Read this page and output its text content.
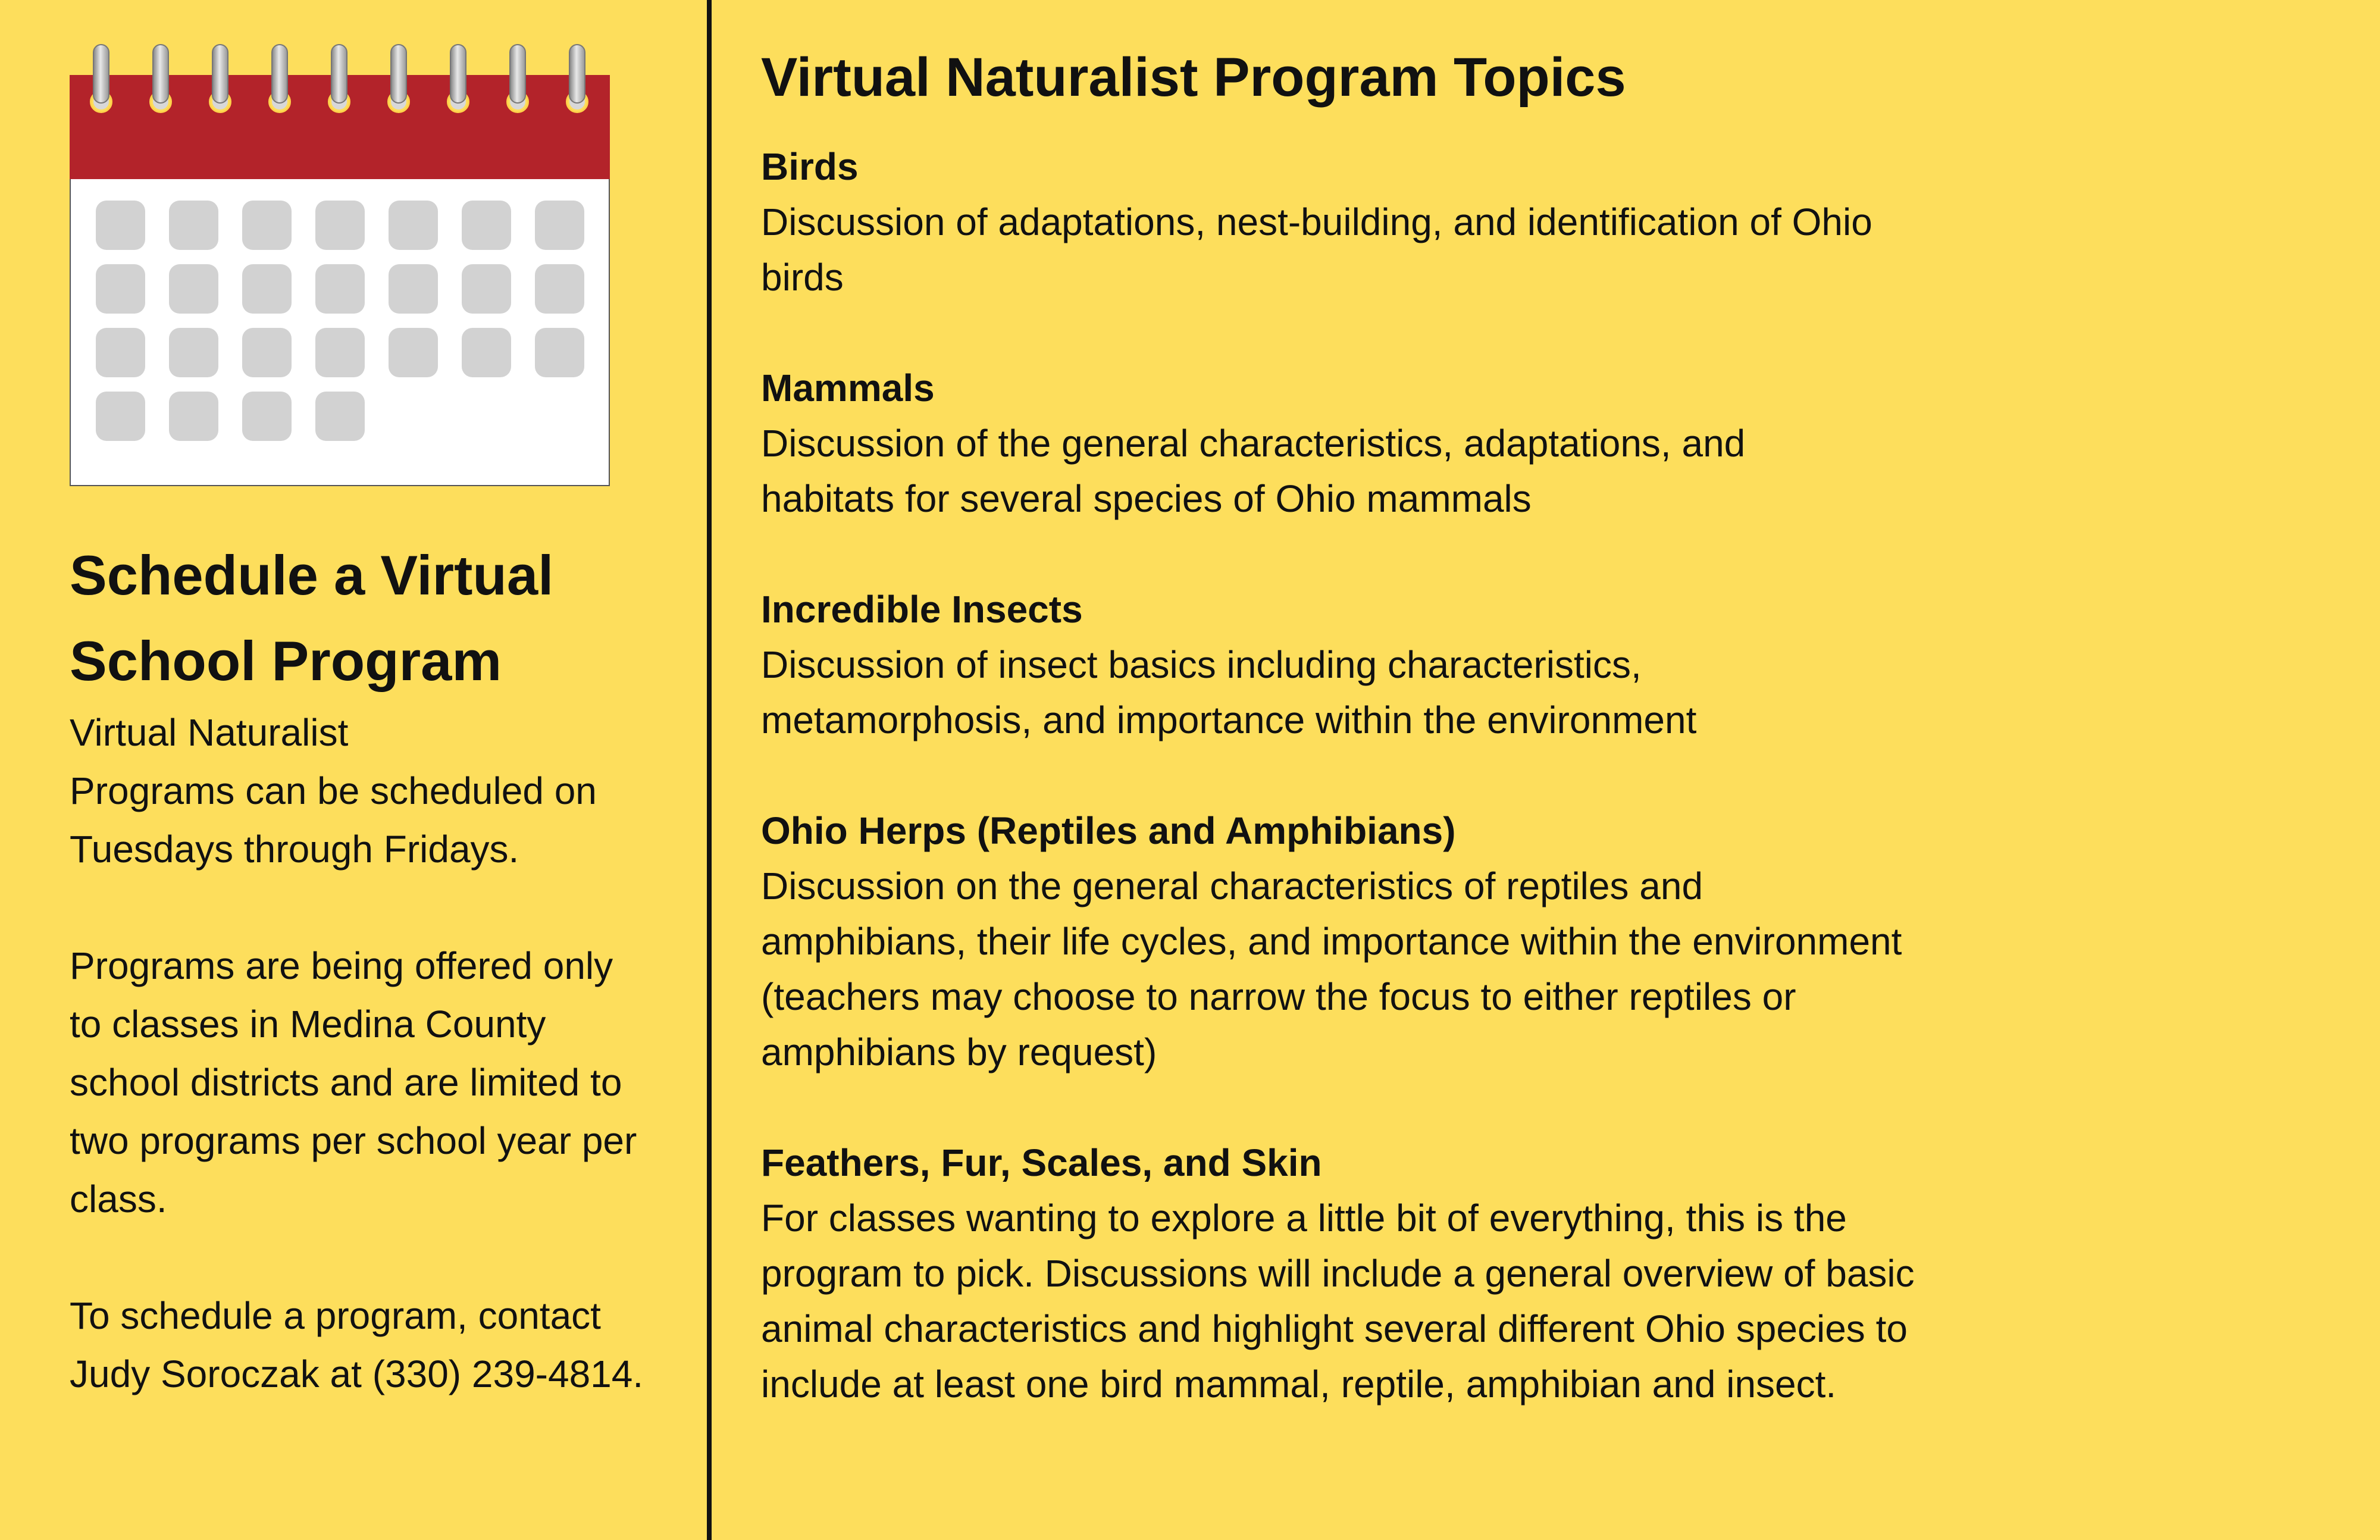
Schedule a Virtual School Program

Virtual Naturalist

Programs can be scheduled on

Tuesdays through Fridays.

Programs are being offered only

to classes in Medina County

school districts and are limited to

two programs per school year per

class.

To schedule a program, contact

Judy Soroczak at (330) 239-4814.

Virtual Naturalist Program Topics
Birds
Discussion of adaptations, nest-building, and identification of Ohio birds
Mammals
Discussion of the general characteristics, adaptations, and habitats for several species of Ohio mammals
Incredible Insects
Discussion of insect basics including characteristics, metamorphosis, and importance within the environment
Ohio Herps (Reptiles and Amphibians)
Discussion on the general characteristics of reptiles and amphibians, their life cycles, and importance within the environment (teachers may choose to narrow the focus to either reptiles or amphibians by request)
Feathers, Fur, Scales, and Skin
For classes wanting to explore a little bit of everything, this is the program to pick. Discussions will include a general overview of basic animal characteristics and highlight several different Ohio species to include at least one bird mammal, reptile, amphibian and insect.
